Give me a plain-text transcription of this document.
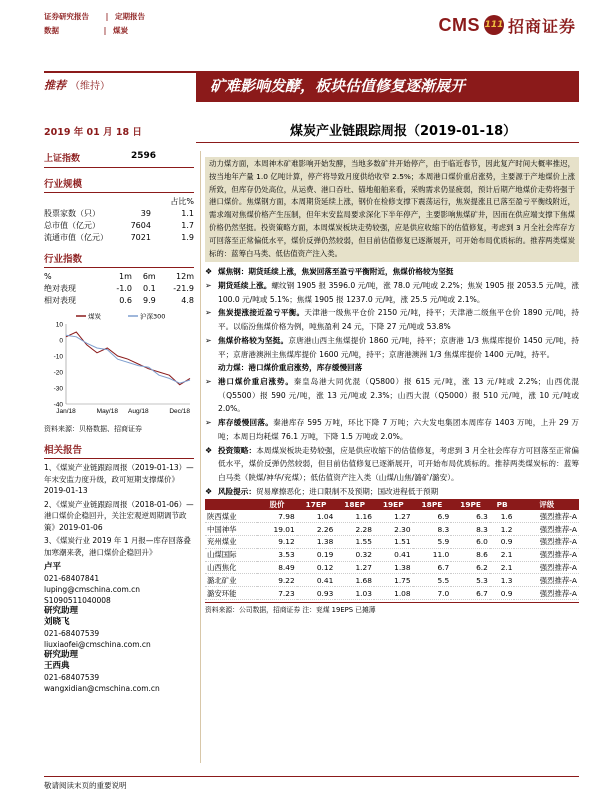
证券研究报告 | 定期报告
数据	| 煤炭	CMS 111 招商证券
推荐 （维持）	矿难影响发酵，板块估值修复逐渐展开
2019 年 01 月 18 日	煤炭产业链跟踪周报（2019-01-18）
上证指数	2596
行业规模
		占比%
股票家数（只）	39	1.1
总市值（亿元）	7604	1.7
流通市值（亿元）	7021	1.9
行业指数
%	1m	6m	12m
绝对表现	-1.0	0.1	-21.9
相对表现	0.6	9.9	4.8
10
0
-10
-20
-30
-40
Jan/18	May/18 Aug/18	Dec/18
煤炭	沪深300
资料来源：贝格数据、招商证券
相关报告

1、《煤炭产业链跟踪周报（2019-01-13）—年末安监力度升级，政可短期支撑煤价》2019-01-13

2、《煤炭产业链跟踪周报（2018-01-06）—港口煤价企稳回升，关注宏观逆周期调节政策》2019-01-06

3、《煤炭行业 2019 年 1 月报—库存回落叠加寒潮来袭，港口煤价企稳回升》

卢平
021-68407841
luping@cmschina.com.cn
S1090511040008
研究助理
刘晓飞
021-68407539
liuxiaofei@cmschina.com.cn
研究助理
王西典
021-68407539
wangxidian@cmschina.com.cn
动力煤方面，本周神木矿难影响开始发酵，当地多数矿井开始停产，由于临近春节，因此复产时间大概率推迟，按当地年产量 1.0 亿吨计算，停产将导致月度供给收窄 2.5%；本周港口煤价重启涨势，主要源于产地煤价上涨所致，但库存仍处高位，从运费、港口吞吐、锚地船舶来看，采购需求仍显疲弱，预计后期产地煤价走势将强于港口煤价。焦煤钢方面，本周期货延续上涨，钢价在检修支撑下震荡运行，焦炭提涨且已落至盈亏平衡线附近，需求端对焦煤价格产生压制，但年末安监局要求深化下半年停产，主要影响焦煤矿井，因而在供应端支撑下焦煤价格仍然坚挺。投资策略方面，本周煤炭板块走势较强，应是供应收缩下的估值修复，考虑到 3 月全社会库存方可回落至正常偏低水平，煤价反弹仍然较弱，但目前估值修复已逐渐展开，可开始布局优质标的。推荐两类煤炭标的：蓝筹白马类、低估值资产注入类。
❖ 煤焦钢：期货延续上涨，焦炭回落至盈亏平衡附近，焦煤价格较为坚挺
➢ 期货延续上涨。螺纹钢 1905 报 3596.0 元/吨，涨 78.0 元/吨或 2.2%；焦炭 1905 报 2053.5 元/吨，涨 100.0 元/吨或 5.1%；焦煤 1905 报 1237.0 元/吨，涨 25.5 元/吨或 2.1%。
➢ 焦炭提涨接近盈亏平衡。天津港一级焦平仓价 2150 元/吨，持平；天津港二级焦平仓价 1890 元/吨，持平。以临汾焦煤价格为例，吨焦盈利 24 元，下降 27 元/吨或 53.8%
➢ 焦煤价格较为坚挺。京唐港山西主焦煤提价 1860 元/吨，持平；京唐港 1/3 焦煤库提价 1450 元/吨，持平；京唐港澳洲主焦煤库提价 1600 元/吨，持平；京唐港澳洲 1/3 焦煤库提价 1400 元/吨，持平。
动力煤：港口煤价重启涨势，库存缓慢回落
➢ 港口煤价重启涨势。秦皇岛港大同优混（Q5800）报 615 元/吨，涨 13 元/吨或 2.2%；山西优混（Q5500）报 590 元/吨，涨 13 元/吨或 2.3%；山西大混（Q5000）报 510 元/吨，涨 10 元/吨或 2.0%。
➢ 库存缓慢回落。秦港库存 595 万吨，环比下降 7 万吨；六大发电集团本周库存 1403 万吨，上升 29 万吨；本周日均耗煤 76.1 万吨，下降 1.5 万吨或 2.0%。
❖ 投资策略：本周煤炭板块走势较强，应是供应收缩下的估值修复，考虑到 3 月全社会库存方可回落至正常偏低水平，煤价反弹仍然较弱，但目前估值修复已逐渐展开，可开始布局优质标的。推荐两类煤炭标的：蓝筹白马类（陕煤/神华/兖煤）；低估值资产注入类（山煤/山焦/潞矿/潞安）。
❖ 风险提示：贸易摩擦恶化；进口限制不及预期；国改进程低于预期
	股价	17EP	18EP	19EP	18PE	19PE	PB	评级
陕西煤业	7.98	1.04	1.16	1.27	6.9	6.3	1.6	强烈推荐-A
中国神华	19.01	2.26	2.28	2.30	8.3	8.3	1.2	强烈推荐-A
兖州煤业	9.12	1.38	1.55	1.51	5.9	6.0	0.9	强烈推荐-A
山煤国际	3.53	0.19	0.32	0.41	11.0	8.6	2.1	强烈推荐-A
山西焦化	8.49	0.12	1.27	1.38	6.7	6.2	2.1	强烈推荐-A
潞北矿业	9.22	0.41	1.68	1.75	5.5	5.3	1.3	强烈推荐-A
潞安环能	7.23	0.93	1.03	1.08	7.0	6.7	0.9	强烈推荐-A
资料来源：公司数据，招商证券 注：兖煤 19EPS 已摊薄
敬请阅读末页的重要说明
